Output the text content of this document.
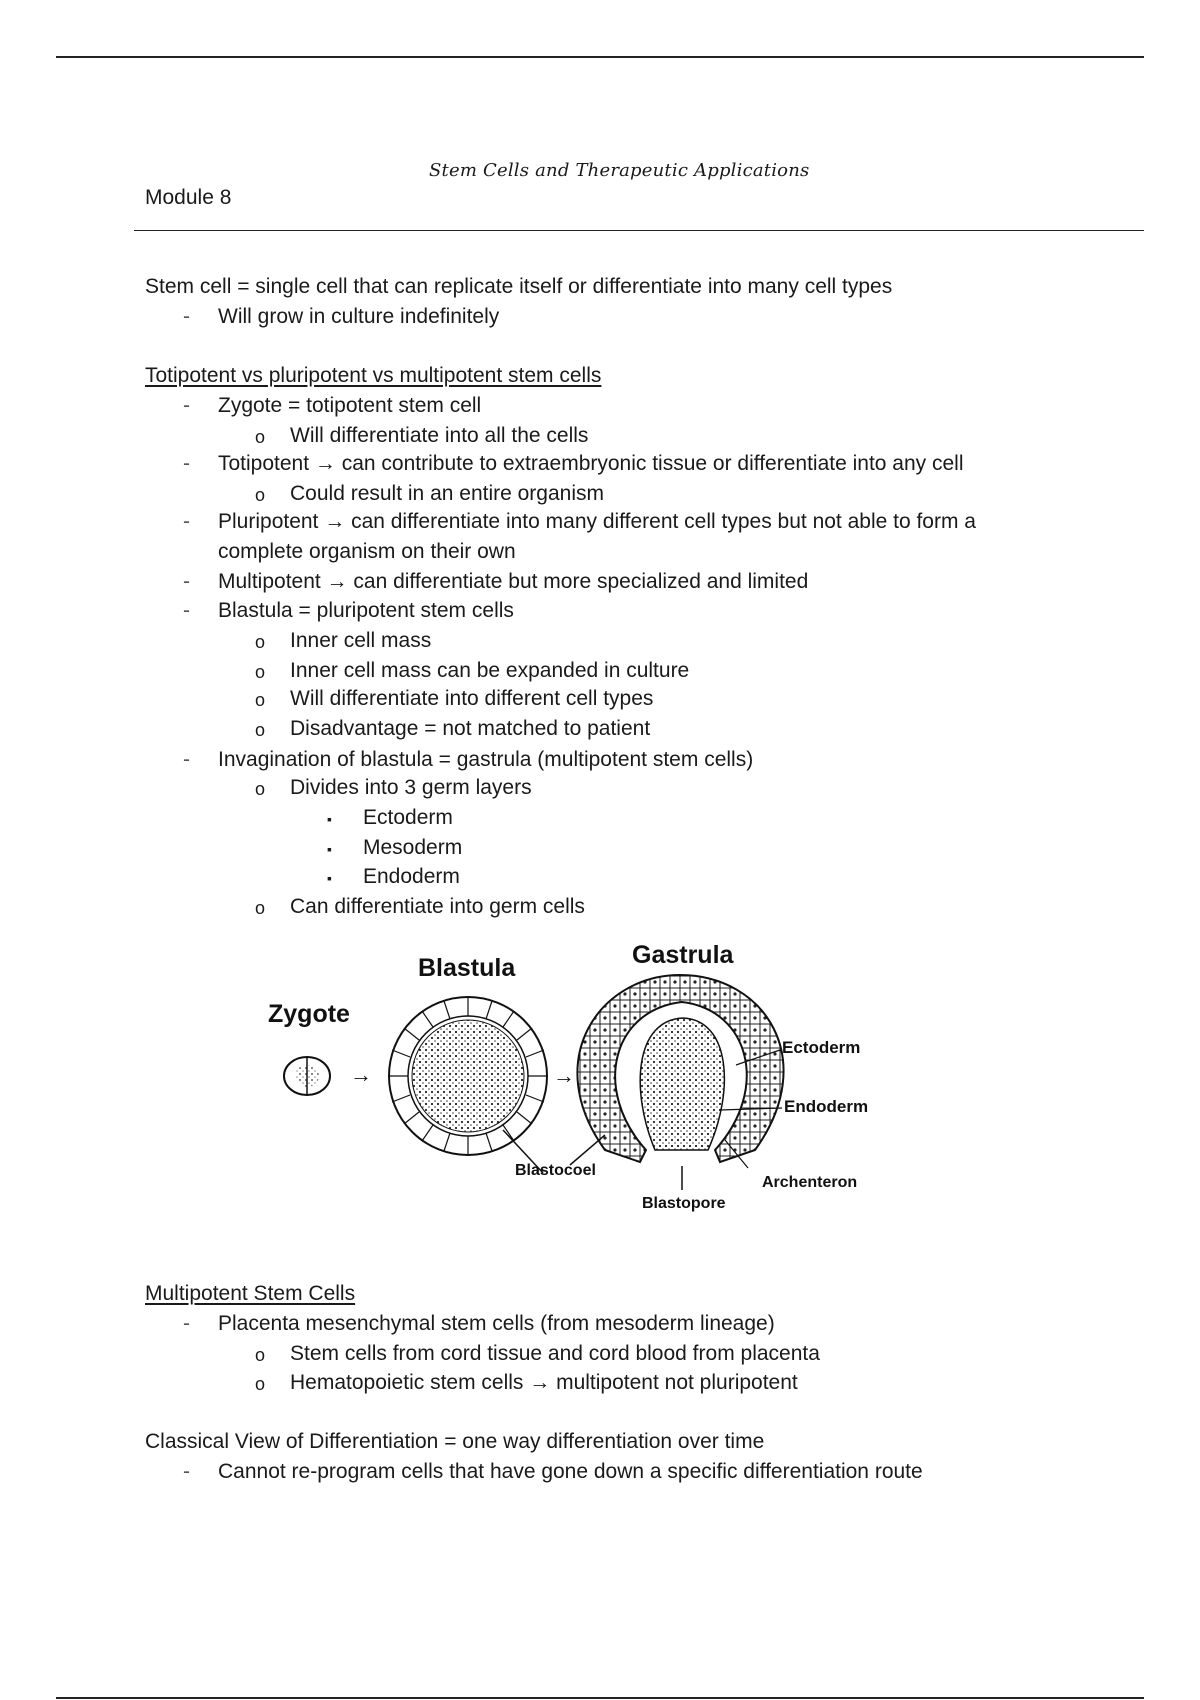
Stem Cells and Therapeutic Applications
Module 8
Stem cell = single cell that can replicate itself or differentiate into many cell types
- Will grow in culture indefinitely
Totipotent vs pluripotent vs multipotent stem cells
- Zygote = totipotent stem cell
o Will differentiate into all the cells
- Totipotent → can contribute to extraembryonic tissue or differentiate into any cell
o Could result in an entire organism
- Pluripotent → can differentiate into many different cell types but not able to form a
complete organism on their own
- Multipotent → can differentiate but more specialized and limited
- Blastula = pluripotent stem cells
o Inner cell mass
o Inner cell mass can be expanded in culture
o Will differentiate into different cell types
o Disadvantage = not matched to patient
- Invagination of blastula = gastrula (multipotent stem cells)
o Divides into 3 germ layers
▪ Ectoderm
▪ Mesoderm
▪ Endoderm
o Can differentiate into germ cells
Zygote
Blastula	Gastrula
→	→
Ectoderm
Endoderm
Blastocoel
Blastopore
Archenteron
Multipotent Stem Cells
- Placenta mesenchymal stem cells (from mesoderm lineage)
o Stem cells from cord tissue and cord blood from placenta
o Hematopoietic stem cells → multipotent not pluripotent
Classical View of Differentiation = one way differentiation over time
- Cannot re-program cells that have gone down a specific differentiation route
